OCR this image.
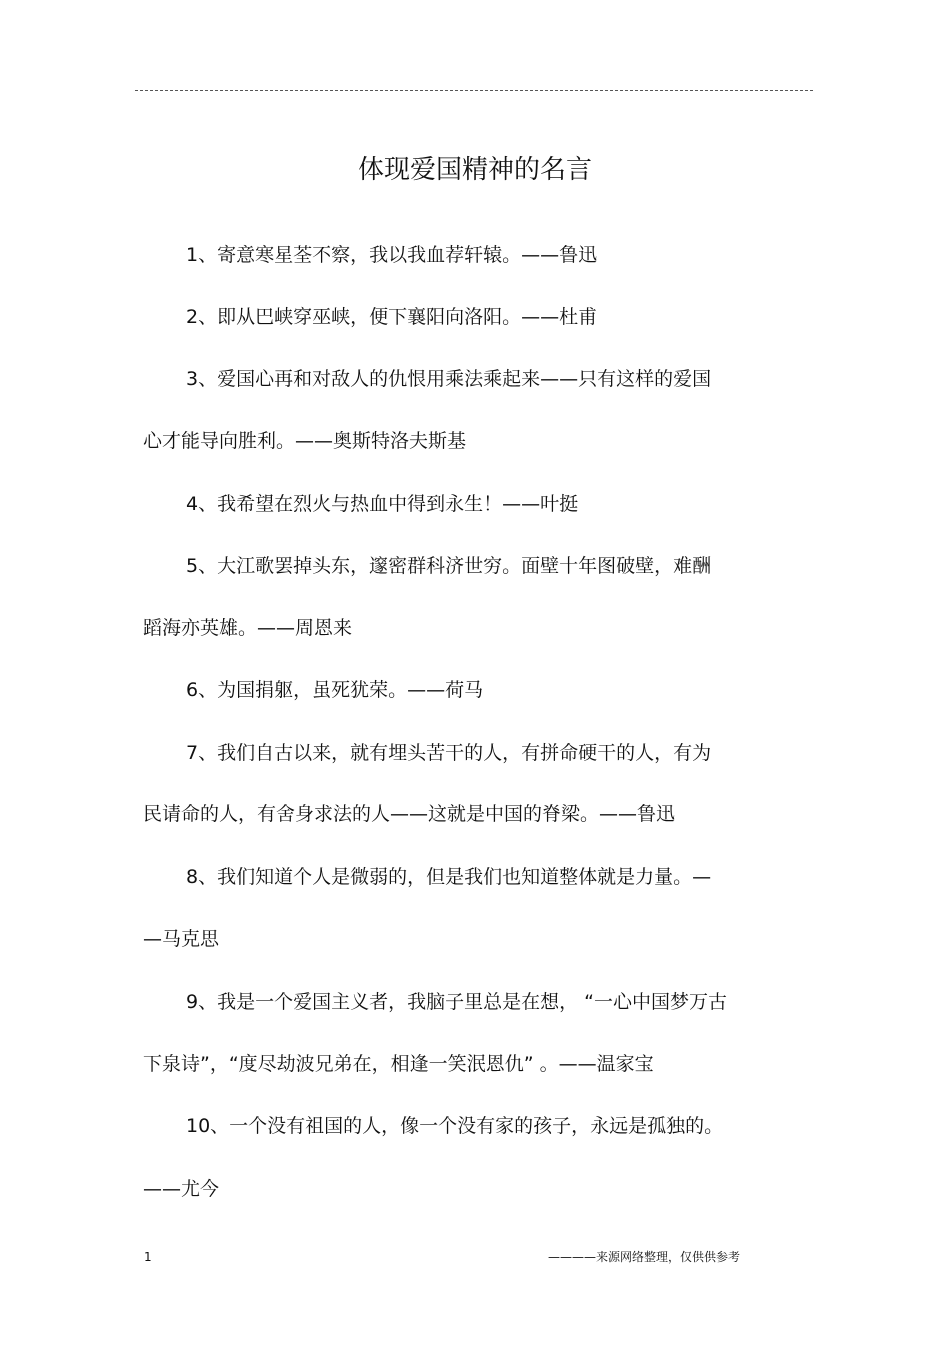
体现爱国精神的名言
1、寄意寒星荃不察，我以我血荐轩辕。——鲁迅
2、即从巴峡穿巫峡，便下襄阳向洛阳。——杜甫
3、爱国心再和对敌人的仇恨用乘法乘起来——只有这样的爱国
心才能导向胜利。——奥斯特洛夫斯基
4、我希望在烈火与热血中得到永生！——叶挺
5、大江歌罢掉头东，邃密群科济世穷。面壁十年图破壁，难酬
蹈海亦英雄。——周恩来
6、为国捐躯，虽死犹荣。——荷马
7、我们自古以来，就有埋头苦干的人，有拼命硬干的人，有为
民请命的人，有舍身求法的人——这就是中国的脊梁。——鲁迅
8、我们知道个人是微弱的，但是我们也知道整体就是力量。—
—马克思
9、我是一个爱国主义者，我脑子里总是在想， “一心中国梦万古
下泉诗”，“度尽劫波兄弟在，相逢一笑泯恩仇” 。——温家宝
10、一个没有祖国的人，像一个没有家的孩子，永远是孤独的。
——尤今
1	————来源网络整理，仅供供参考
